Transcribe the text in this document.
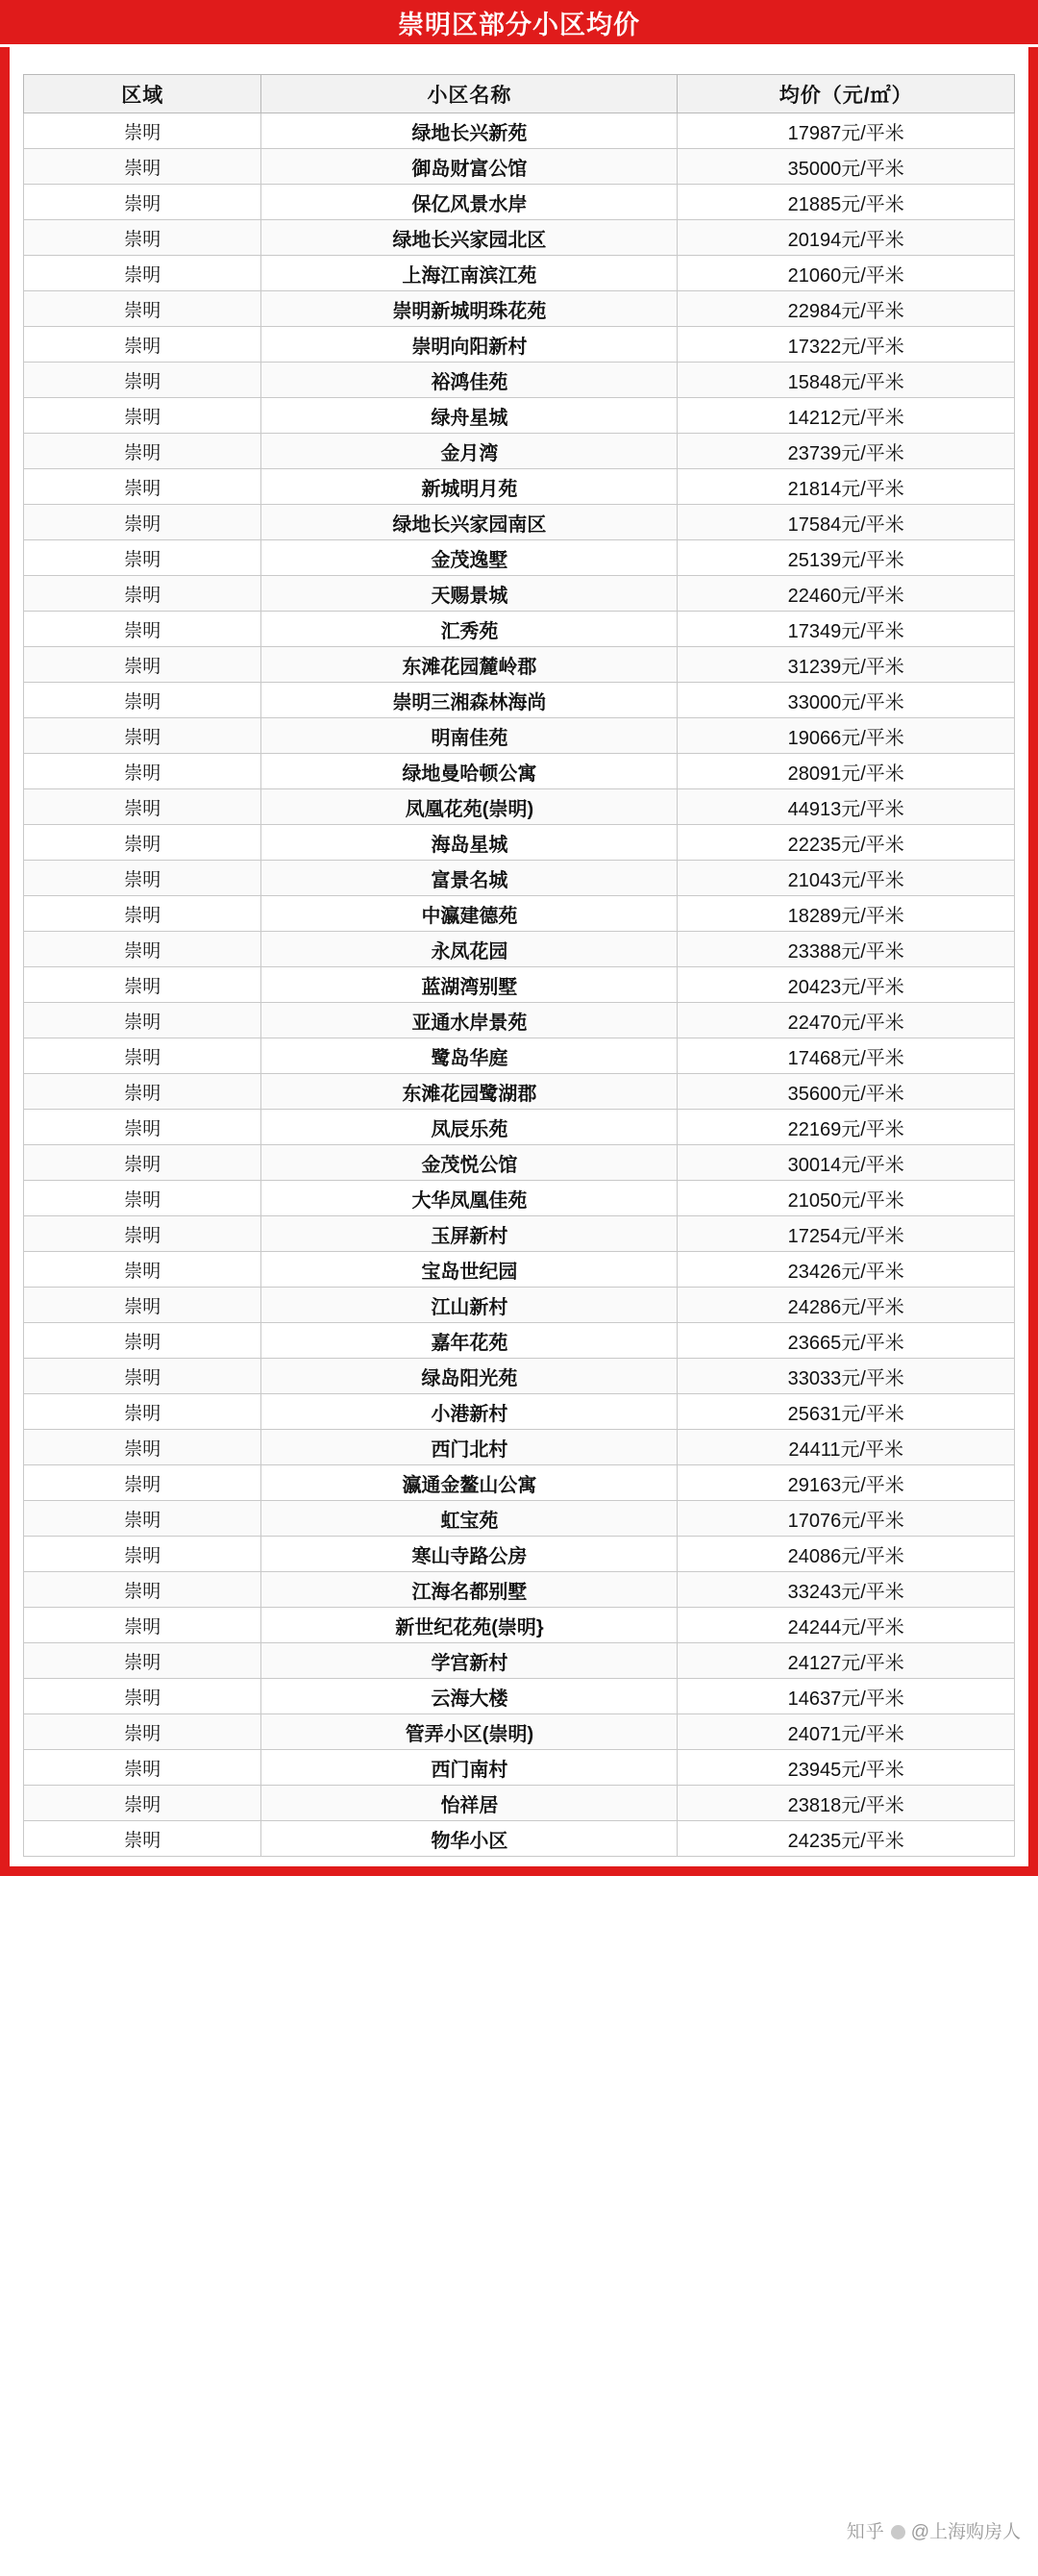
崇明区部分小区均价
区域	小区名称	均价（元/㎡）
崇明	绿地长兴新苑	17987元/平米
崇明	御岛财富公馆	35000元/平米
崇明	保亿风景水岸	21885元/平米
崇明	绿地长兴家园北区	20194元/平米
崇明	上海江南滨江苑	21060元/平米
崇明	崇明新城明珠花苑	22984元/平米
崇明	崇明向阳新村	17322元/平米
崇明	裕鸿佳苑	15848元/平米
崇明	绿舟星城	14212元/平米
崇明	金月湾	23739元/平米
崇明	新城明月苑	21814元/平米
崇明	绿地长兴家园南区	17584元/平米
崇明	金茂逸墅	25139元/平米
崇明	天赐景城	22460元/平米
崇明	汇秀苑	17349元/平米
崇明	东滩花园麓岭郡	31239元/平米
崇明	崇明三湘森林海尚	33000元/平米
崇明	明南佳苑	19066元/平米
崇明	绿地曼哈顿公寓	28091元/平米
崇明	凤凰花苑(崇明)	44913元/平米
崇明	海岛星城	22235元/平米
崇明	富景名城	21043元/平米
崇明	中瀛建德苑	18289元/平米
崇明	永凤花园	23388元/平米
崇明	蓝湖湾别墅	20423元/平米
崇明	亚通水岸景苑	22470元/平米
崇明	鹭岛华庭	17468元/平米
崇明	东滩花园鹭湖郡	35600元/平米
崇明	凤辰乐苑	22169元/平米
崇明	金茂悦公馆	30014元/平米
崇明	大华凤凰佳苑	21050元/平米
崇明	玉屏新村	17254元/平米
崇明	宝岛世纪园	23426元/平米
崇明	江山新村	24286元/平米
崇明	嘉年花苑	23665元/平米
崇明	绿岛阳光苑	33033元/平米
崇明	小港新村	25631元/平米
崇明	西门北村	24411元/平米
崇明	瀛通金鳌山公寓	29163元/平米
崇明	虹宝苑	17076元/平米
崇明	寒山寺路公房	24086元/平米
崇明	江海名都别墅	33243元/平米
崇明	新世纪花苑(崇明}	24244元/平米
崇明	学宫新村	24127元/平米
崇明	云海大楼	14637元/平米
崇明	管弄小区(崇明)	24071元/平米
崇明	西门南村	23945元/平米
崇明	怡祥居	23818元/平米
崇明	物华小区	24235元/平米
知乎 @上海购房人
